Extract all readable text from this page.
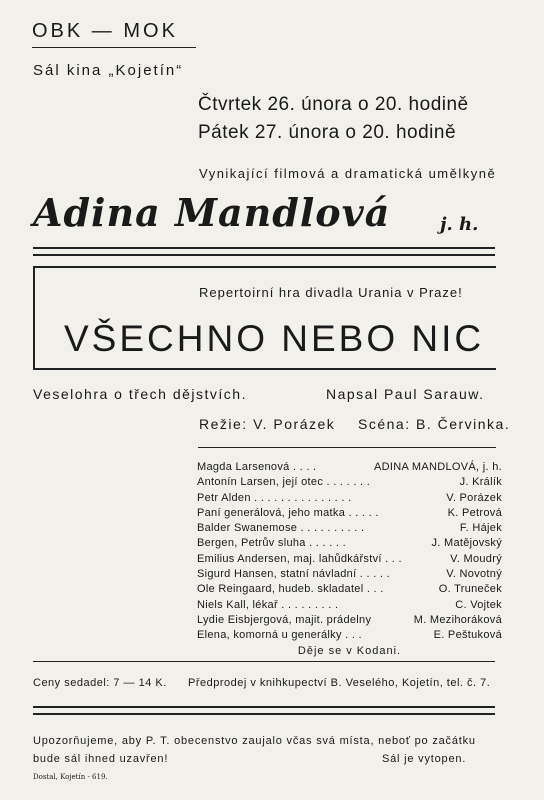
OBK — MOK
Sál kina „Kojetín“
Čtvrtek 26. února o 20. hodině
Pátek 27. února o 20. hodině
Vynikající filmová a dramatická umělkyně
Adina Mandlová	j. h.
Repertoirní hra divadla Urania v Praze!
VŠECHNO NEBO NIC
Veselohra o třech dějstvích.	Napsal Paul Sarauw.
Režie: V. Porázek Scéna: B. Červinka.
Magda Larsenová . . . .	ADINA MANDLOVÁ, j. h.
Antonín Larsen, její otec . . . . . . .	J. Králík
Petr Alden . . . . . . . . . . . . . . .	V. Porázek
Paní generálová, jeho matka . . . . .	K. Petrová
Balder Swanemose . . . . . . . . . .	F. Hájek
Bergen, Petrův sluha . . . . . .	J. Matějovský
Emilius Andersen, maj. lahůdkářství . . .	V. Moudrý
Sigurd Hansen, statní návladní . . . . .	V. Novotný
Ole Reingaard, hudeb. skladatel . . .	O. Truneček
Niels Kall, lékař . . . . . . . . .	C. Vojtek
Lydie Eisbjergová, majit. prádelny	M. Mezihoráková
Elena, komorná u generálky . . .	E. Peštuková
Děje se v Kodani.
Ceny sedadel: 7 — 14 K. Předprodej v knihkupectví B. Veselého, Kojetín, tel. č. 7.
Upozorňujeme, aby P. T. obecenstvo zaujalo včas svá místa, neboť po začátku
bude sál ihned uzavřen!	Sál je vytopen.
Dostal, Kojetín - 619.
